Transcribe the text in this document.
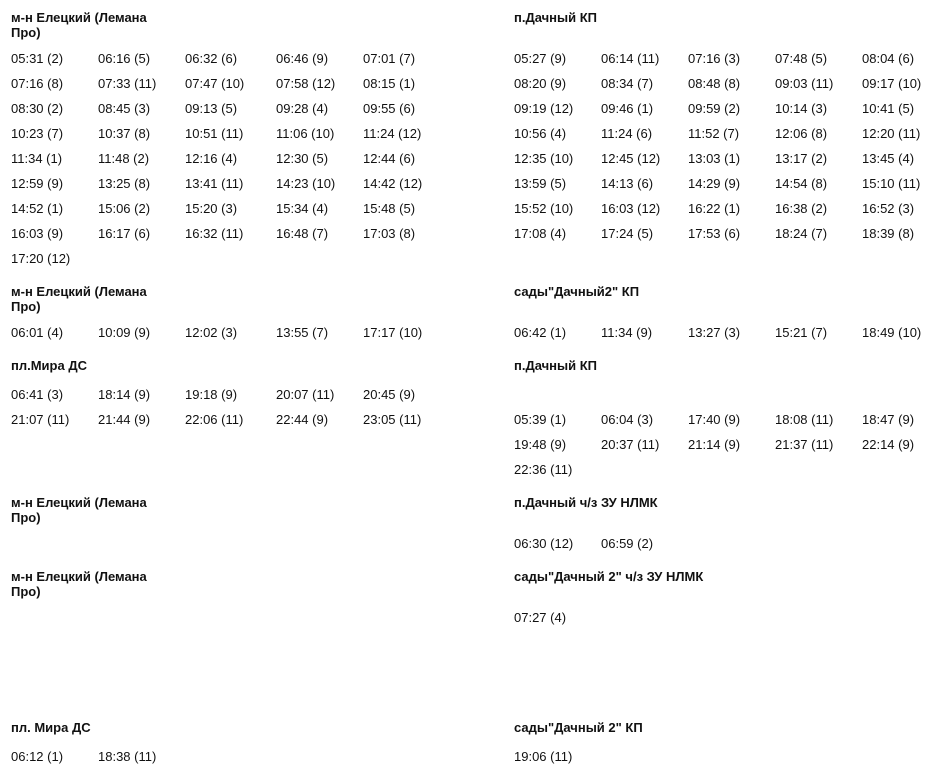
м-н Елецкий (Лемана Про)
05:31 (2)	06:16 (5)	06:32 (6)	06:46 (9)	07:01 (7)
07:16 (8)	07:33 (11)	07:47 (10)	07:58 (12)	08:15 (1)
08:30 (2)	08:45 (3)	09:13 (5)	09:28 (4)	09:55 (6)
10:23 (7)	10:37 (8)	10:51 (11)	11:06 (10)	11:24 (12)
11:34 (1)	11:48 (2)	12:16 (4)	12:30 (5)	12:44 (6)
12:59 (9)	13:25 (8)	13:41 (11)	14:23 (10)	14:42 (12)
14:52 (1)	15:06 (2)	15:20 (3)	15:34 (4)	15:48 (5)
16:03 (9)	16:17 (6)	16:32 (11)	16:48 (7)	17:03 (8)
17:20 (12)
м-н Елецкий (Лемана Про)
06:01 (4)	10:09 (9)	12:02 (3)	13:55 (7)	17:17 (10)
пл.Мира ДС
06:41 (3)	18:14 (9)	19:18 (9)	20:07 (11)	20:45 (9)
21:07 (11)	21:44 (9)	22:06 (11)	22:44 (9)	23:05 (11)
м-н Елецкий (Лемана Про)
м-н Елецкий (Лемана Про)
пл. Мира ДС
06:12 (1)	18:38 (11)
п.Дачный КП
05:27 (9)	06:14 (11)	07:16 (3)	07:48 (5)	08:04 (6)
08:20 (9)	08:34 (7)	08:48 (8)	09:03 (11)	09:17 (10)
09:19 (12)	09:46 (1)	09:59 (2)	10:14 (3)	10:41 (5)
10:56 (4)	11:24 (6)	11:52 (7)	12:06 (8)	12:20 (11)
12:35 (10)	12:45 (12)	13:03 (1)	13:17 (2)	13:45 (4)
13:59 (5)	14:13 (6)	14:29 (9)	14:54 (8)	15:10 (11)
15:52 (10)	16:03 (12)	16:22 (1)	16:38 (2)	16:52 (3)
17:08 (4)	17:24 (5)	17:53 (6)	18:24 (7)	18:39 (8)
сады"Дачный2" КП
06:42 (1)	11:34 (9)	13:27 (3)	15:21 (7)	18:49 (10)
п.Дачный КП
05:39 (1)	06:04 (3)	17:40 (9)	18:08 (11)	18:47 (9)
19:48 (9)	20:37 (11)	21:14 (9)	21:37 (11)	22:14 (9)
22:36 (11)
п.Дачный ч/з ЗУ НЛМК
06:30 (12)	06:59 (2)
сады"Дачный 2" ч/з ЗУ НЛМК
07:27 (4)
сады"Дачный 2" КП
19:06 (11)
